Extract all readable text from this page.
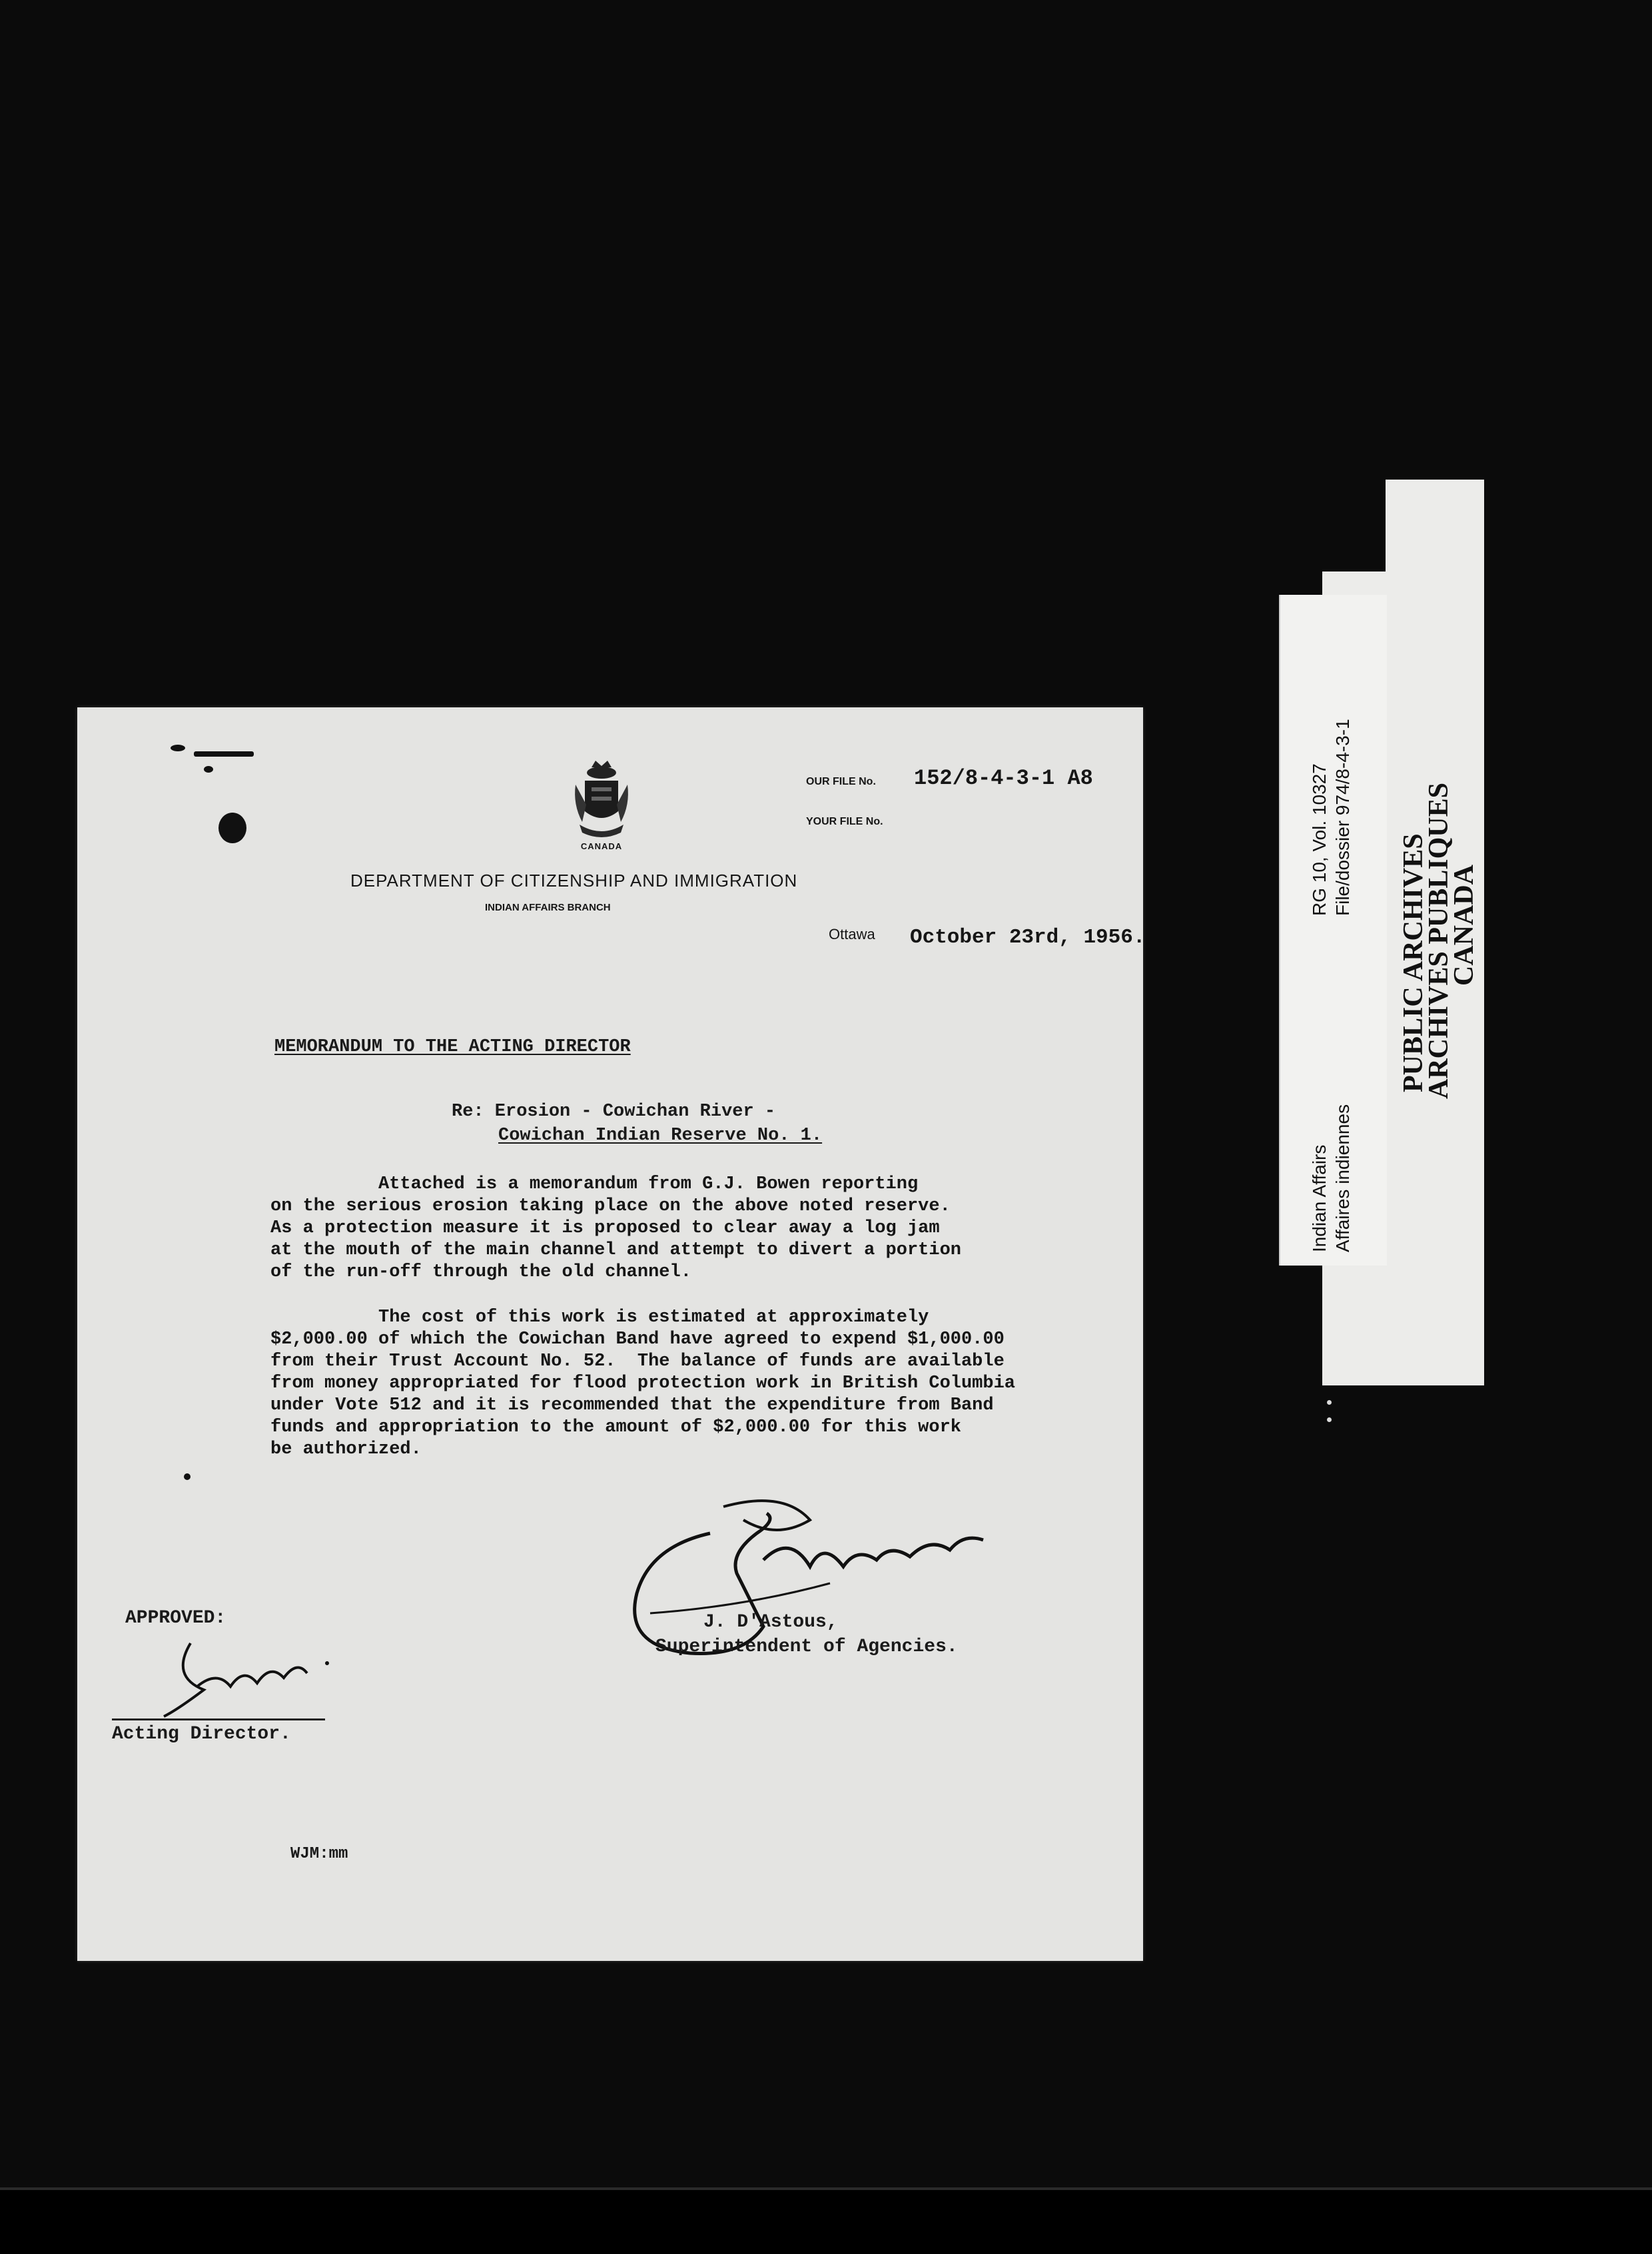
CANADA
OUR FILE No. 152/8-4-3-1 A8
YOUR FILE No.
DEPARTMENT OF CITIZENSHIP AND IMMIGRATION
INDIAN AFFAIRS BRANCH
Ottawa October 23rd, 1956.
MEMORANDUM TO THE ACTING DIRECTOR
Re: Erosion - Cowichan River -
Cowichan Indian Reserve No. 1.
Attached is a memorandum from G.J. Bowen reporting
on the serious erosion taking place on the above noted reserve.
As a protection measure it is proposed to clear away a log jam
at the mouth of the main channel and attempt to divert a portion
of the run-off through the old channel.
The cost of this work is estimated at approximately
$2,000.00 of which the Cowichan Band have agreed to expend $1,000.00
from their Trust Account No. 52.  The balance of funds are available
from money appropriated for flood protection work in British Columbia
under Vote 512 and it is recommended that the expenditure from Band
funds and appropriation to the amount of $2,000.00 for this work
be authorized.
J. D'Astous,
Superintendent of Agencies.
APPROVED:
Acting Director.
WJM:mm
Indian Affairs Affaires indiennes
RG 10, Vol. 10327 File/dossier 974/8-4-3-1
PUBLIC ARCHIVES
ARCHIVES PUBLIQUES
CANADA
